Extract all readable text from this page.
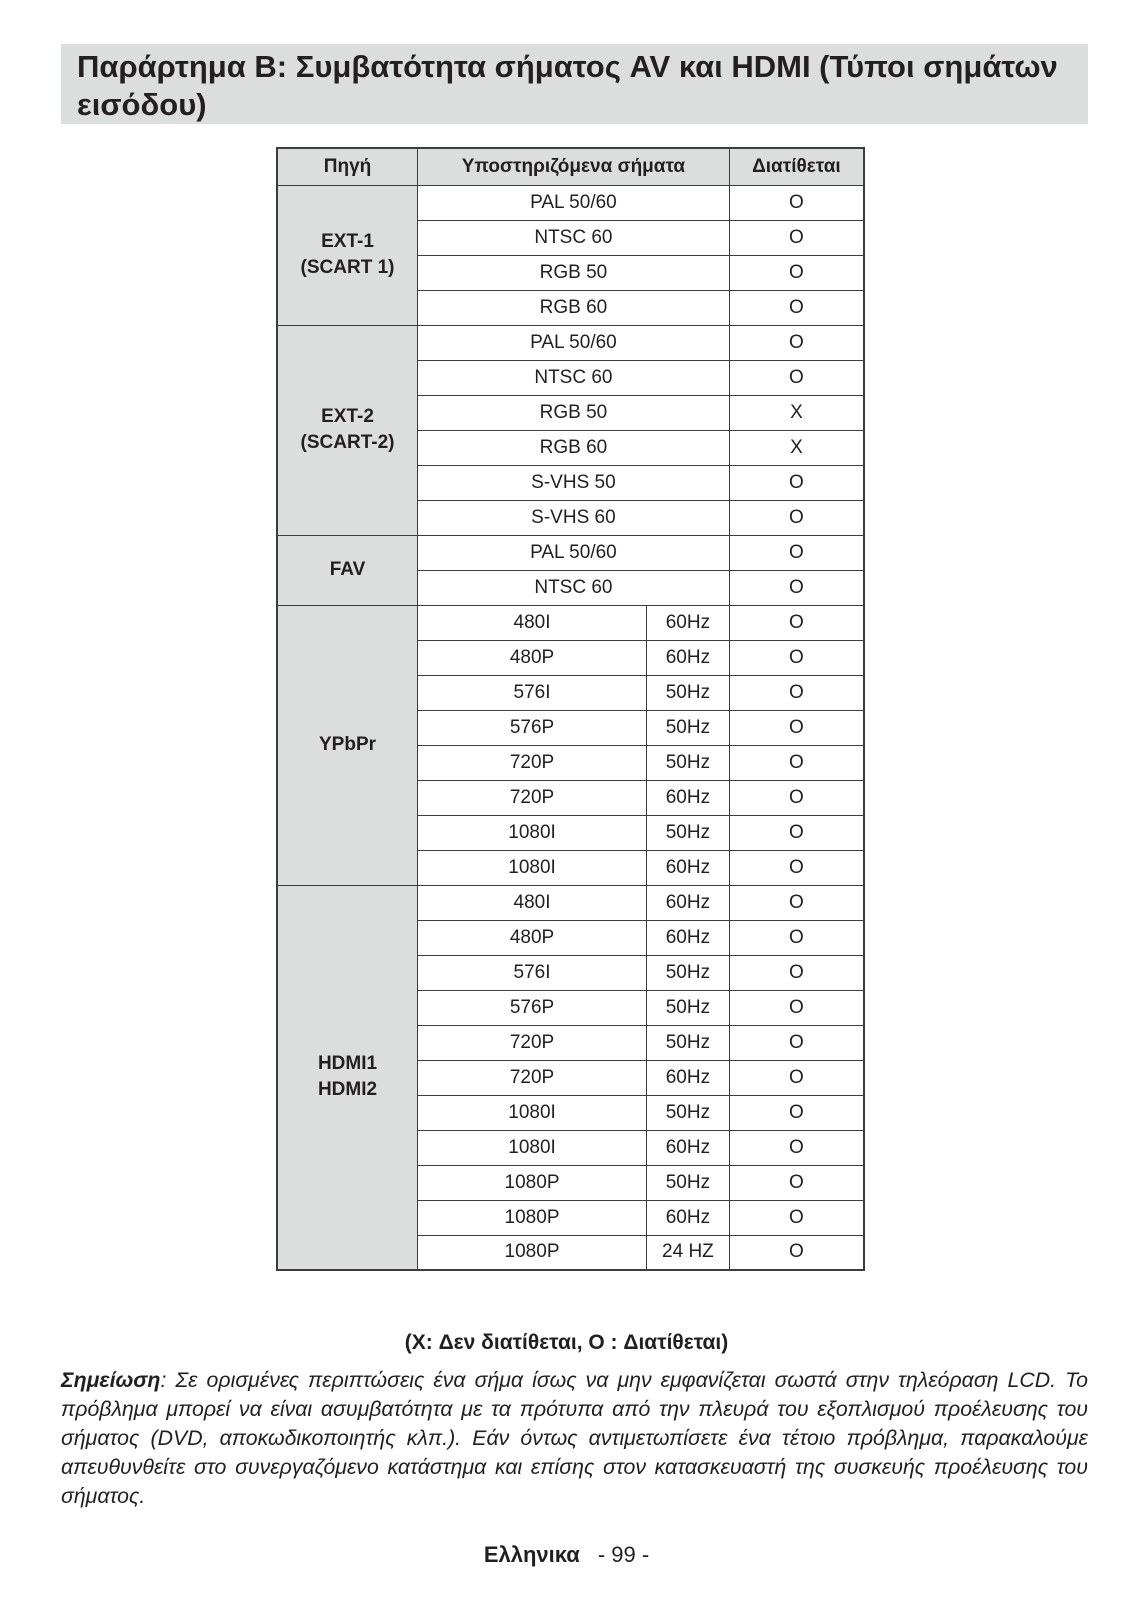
Παράρτημα Β: Συμβατότητα σήματος AV και HDMI (Τύποι σημάτων εισόδου)
Πηγή	Υποστηριζόμενα σήματα		Διατίθεται

EXT-1
(SCART 1)	PAL 50/60		O
	NTSC 60		O
	RGB 50		O
	RGB 60		O

EXT-2
(SCART-2)	PAL 50/60		O
	NTSC 60		O
	RGB 50		X
	RGB 60		X
	S-VHS 50		O
	S-VHS 60		O

FAV	PAL 50/60		O
	NTSC 60		O

YPbPr	480I	60Hz	O
	480P	60Hz	O
	576I	50Hz	O
	576P	50Hz	O
	720P	50Hz	O
	720P	60Hz	O
	1080I	50Hz	O
	1080I	60Hz	O

HDMI1
HDMI2	480I	60Hz	O
	480P	60Hz	O
	576I	50Hz	O
	576P	50Hz	O
	720P	50Hz	O
	720P	60Hz	O
	1080I	50Hz	O
	1080I	60Hz	O
	1080P	50Hz	O
	1080P	60Hz	O
	1080P	24 HZ	O
(X: Δεν διατίθεται, O : Διατίθεται)
Σημείωση: Σε ορισμένες περιπτώσεις ένα σήμα ίσως να μην εμφανίζεται σωστά στην τηλεόραση LCD. Το πρόβλημα μπορεί να είναι ασυμβατότητα με τα πρότυπα από την πλευρά του εξοπλισμού προέλευσης του σήματος (DVD, αποκωδικοποιητής κλπ.). Εάν όντως αντιμετωπίσετε ένα τέτοιο πρόβλημα, παρακαλούμε απευθυνθείτε στο συνεργαζόμενο κατάστημα και επίσης στον κατασκευαστή της συσκευής προέλευσης του σήματος.
Ελληνικα - 99 -
